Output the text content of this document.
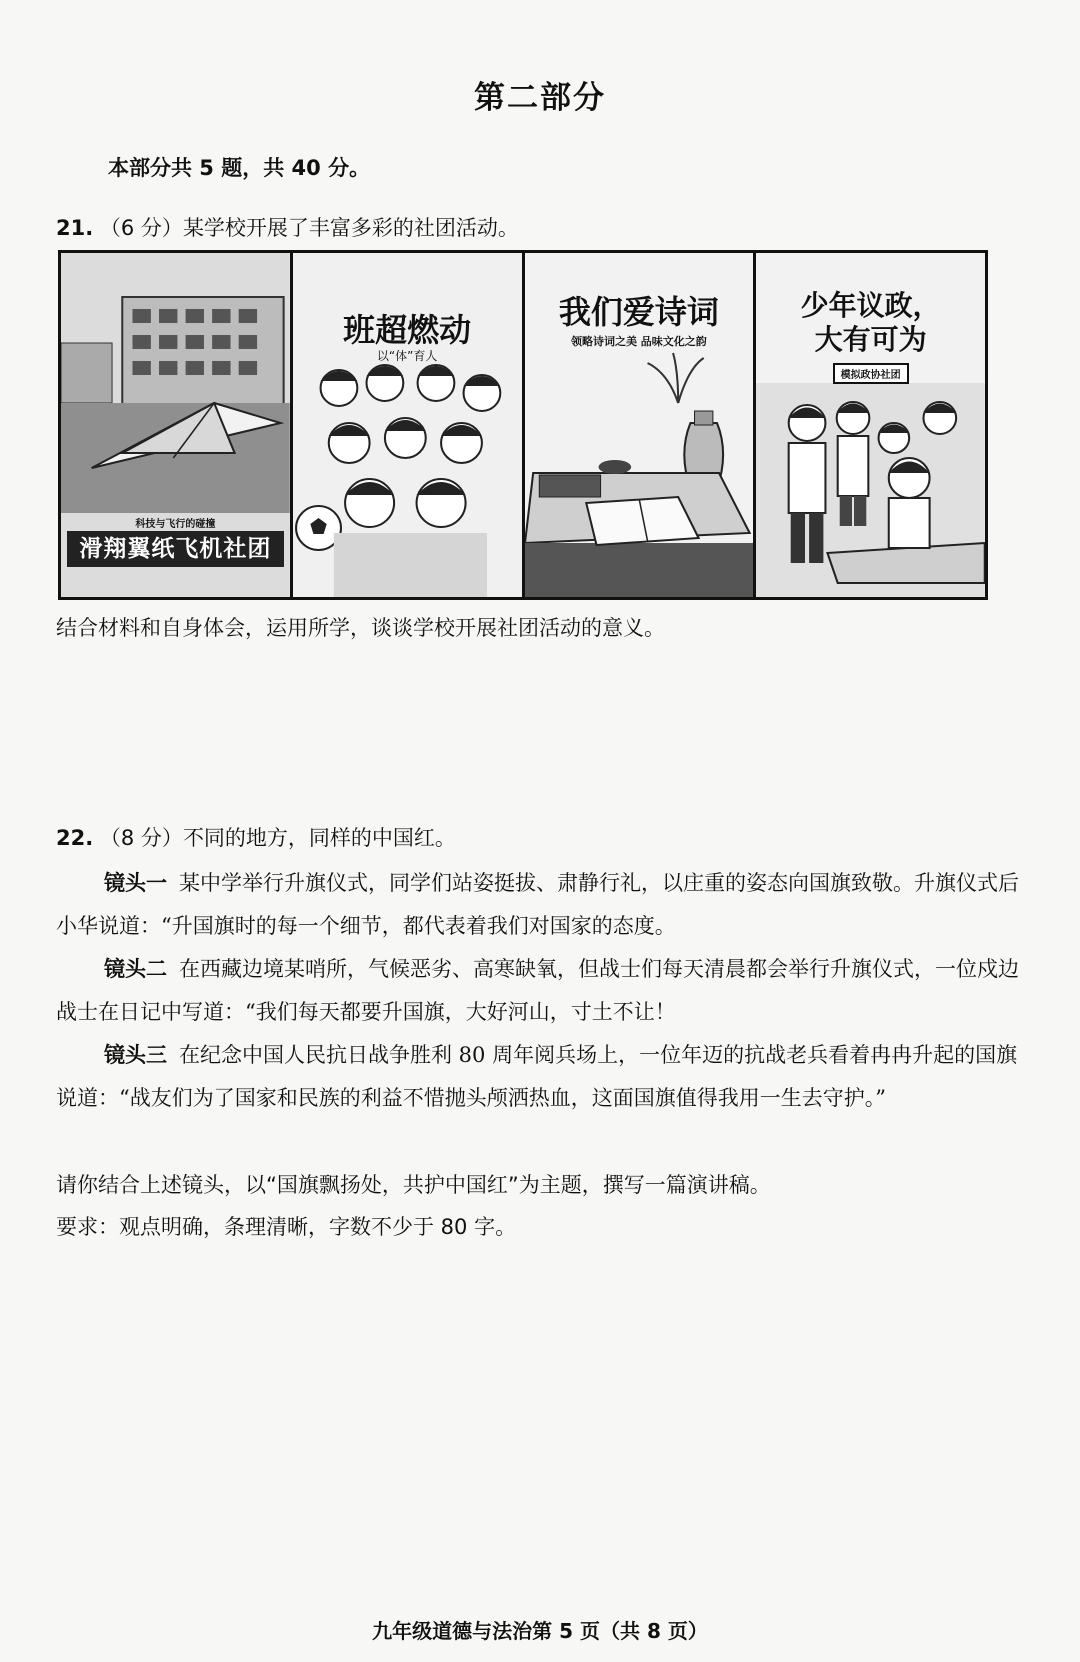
第二部分
本部分共 5 题，共 40 分。
21. （6 分）某学校开展了丰富多彩的社团活动。
科技与飞行的碰撞
滑翔翼纸飞机社团
班超燃动
以“体”育人
我们爱诗词
领略诗词之美 品味文化之韵
少年议政，
大有可为
模拟政协社团
结合材料和自身体会，运用所学，谈谈学校开展社团活动的意义。
22. （8 分）不同的地方，同样的中国红。
镜头一 某中学举行升旗仪式，同学们站姿挺拔、肃静行礼，以庄重的姿态向国旗致敬。升旗仪式后小华说道：“升国旗时的每一个细节，都代表着我们对国家的态度。
镜头二 在西藏边境某哨所，气候恶劣、高寒缺氧，但战士们每天清晨都会举行升旗仪式，一位戍边战士在日记中写道：“我们每天都要升国旗，大好河山，寸土不让！
镜头三 在纪念中国人民抗日战争胜利 80 周年阅兵场上，一位年迈的抗战老兵看着冉冉升起的国旗说道：“战友们为了国家和民族的利益不惜抛头颅洒热血，这面国旗值得我用一生去守护。”
请你结合上述镜头，以“国旗飘扬处，共护中国红”为主题，撰写一篇演讲稿。
要求：观点明确，条理清晰，字数不少于 80 字。
九年级道德与法治第 5 页（共 8 页）
